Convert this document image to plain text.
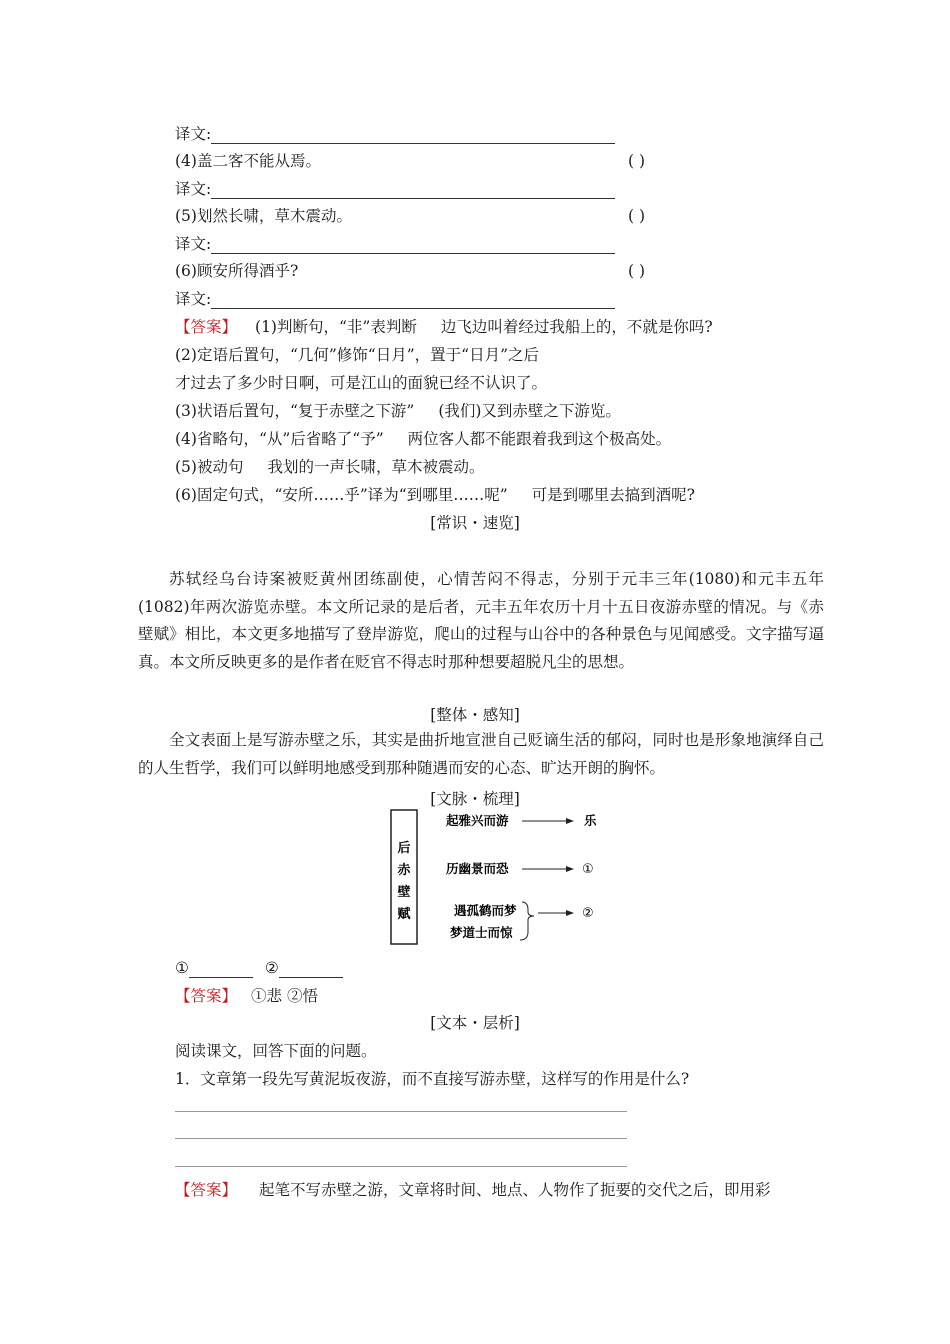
译文:
(4)盖二客不能从焉。	( )
译文:
(5)划然长啸，草木震动。	( )
译文:
(6)顾安所得酒乎?	( )
译文:
【答案】 (1)判断句，“非”表判断 边飞边叫着经过我船上的，不就是你吗?
(2)定语后置句，“几何”修饰“日月”，置于“日月”之后
才过去了多少时日啊，可是江山的面貌已经不认识了。
(3)状语后置句，“复于赤壁之下游” (我们)又到赤壁之下游览。
(4)省略句，“从”后省略了“予” 两位客人都不能跟着我到这个极高处。
(5)被动句 我划的一声长啸，草木被震动。
(6)固定句式，“安所……乎”译为“到哪里……呢” 可是到哪里去搞到酒呢?
[常识・速览]
苏轼经乌台诗案被贬黄州团练副使，心情苦闷不得志，分别于元丰三年(1080)和元丰五年(1082)年两次游览赤壁。本文所记录的是后者，元丰五年农历十月十五日夜游赤壁的情况。与《赤壁赋》相比，本文更多地描写了登岸游览，爬山的过程与山谷中的各种景色与见闻感受。文字描写逼真。本文所反映更多的是作者在贬官不得志时那种想要超脱凡尘的思想。
[整体・感知]
全文表面上是写游赤壁之乐，其实是曲折地宣泄自己贬谪生活的郁闷，同时也是形象地演绎自己的人生哲学，我们可以鲜明地感受到那种随遇而安的心态、旷达开朗的胸怀。
[文脉・梳理]
后
赤
壁
赋
起雅兴而游	乐
历幽景而恐	①
遇孤鹤而梦
梦道士而惊
②
①	②
【答案】 ①悲 ②悟
[文本・层析]
阅读课文，回答下面的问题。
1．文章第一段先写黄泥坂夜游，而不直接写游赤壁，这样写的作用是什么?
【答案】 起笔不写赤壁之游，文章将时间、地点、人物作了扼要的交代之后，即用彩
